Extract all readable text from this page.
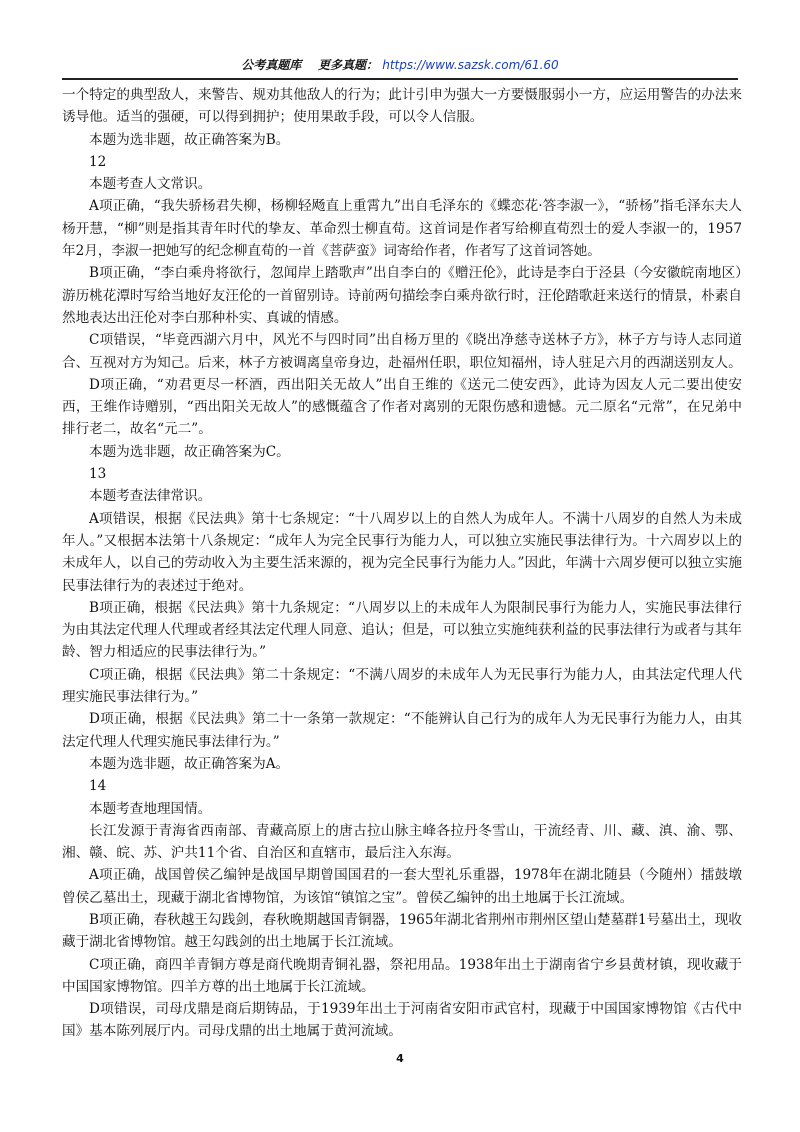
公考真题库 更多真题： https://www.sazsk.com/61.60

一个特定的典型敌人，来警告、规劝其他敌人的行为；此计引申为强大一方要慑服弱小一方，应运用警告的办法来诱导他。适当的强硬，可以得到拥护；使用果敢手段，可以令人信服。

本题为选非题，故正确答案为B。

12

本题考查人文常识。

A项正确，“我失骄杨君失柳，杨柳轻飏直上重霄九”出自毛泽东的《蝶恋花·答李淑一》，“骄杨”指毛泽东夫人杨开慧，“柳”则是指其青年时代的挚友、革命烈士柳直荀。这首词是作者写给柳直荀烈士的爱人李淑一的，1957年2月，李淑一把她写的纪念柳直荀的一首《菩萨蛮》词寄给作者，作者写了这首词答她。

B项正确，“李白乘舟将欲行，忽闻岸上踏歌声”出自李白的《赠汪伦》，此诗是李白于泾县（今安徽皖南地区）游历桃花潭时写给当地好友汪伦的一首留别诗。诗前两句描绘李白乘舟欲行时，汪伦踏歌赶来送行的情景，朴素自然地表达出汪伦对李白那种朴实、真诚的情感。

C项错误，“毕竟西湖六月中，风光不与四时同”出自杨万里的《晓出净慈寺送林子方》，林子方与诗人志同道合、互视对方为知己。后来，林子方被调离皇帝身边，赴福州任职，职位知福州，诗人驻足六月的西湖送别友人。

D项正确，“劝君更尽一杯酒，西出阳关无故人”出自王维的《送元二使安西》，此诗为因友人元二要出使安西，王维作诗赠别，“西出阳关无故人”的感慨蕴含了作者对离别的无限伤感和遗憾。元二原名“元常”，在兄弟中排行老二，故名“元二”。

本题为选非题，故正确答案为C。

13

本题考查法律常识。

A项错误，根据《民法典》第十七条规定：“十八周岁以上的自然人为成年人。不满十八周岁的自然人为未成年人。”又根据本法第十八条规定：“成年人为完全民事行为能力人，可以独立实施民事法律行为。十六周岁以上的未成年人，以自己的劳动收入为主要生活来源的，视为完全民事行为能力人。”因此，年满十六周岁便可以独立实施民事法律行为的表述过于绝对。

B项正确，根据《民法典》第十九条规定：“八周岁以上的未成年人为限制民事行为能力人，实施民事法律行为由其法定代理人代理或者经其法定代理人同意、追认；但是，可以独立实施纯获利益的民事法律行为或者与其年龄、智力相适应的民事法律行为。”

C项正确，根据《民法典》第二十条规定：“不满八周岁的未成年人为无民事行为能力人，由其法定代理人代理实施民事法律行为。”

D项正确，根据《民法典》第二十一条第一款规定：“不能辨认自己行为的成年人为无民事行为能力人，由其法定代理人代理实施民事法律行为。”

本题为选非题，故正确答案为A。

14

本题考查地理国情。

长江发源于青海省西南部、青藏高原上的唐古拉山脉主峰各拉丹冬雪山，干流经青、川、藏、滇、渝、鄂、湘、赣、皖、苏、沪共11个省、自治区和直辖市，最后注入东海。

A项正确，战国曾侯乙编钟是战国早期曾国国君的一套大型礼乐重器，1978年在湖北随县（今随州）擂鼓墩曾侯乙墓出土，现藏于湖北省博物馆，为该馆“镇馆之宝”。曾侯乙编钟的出土地属于长江流域。

B项正确，春秋越王勾践剑，春秋晚期越国青铜器，1965年湖北省荆州市荆州区望山楚墓群1号墓出土，现收藏于湖北省博物馆。越王勾践剑的出土地属于长江流域。

C项正确，商四羊青铜方尊是商代晚期青铜礼器，祭祀用品。1938年出土于湖南省宁乡县黄材镇，现收藏于中国国家博物馆。四羊方尊的出土地属于长江流域。

D项错误，司母戊鼎是商后期铸品，于1939年出土于河南省安阳市武官村，现藏于中国国家博物馆《古代中国》基本陈列展厅内。司母戊鼎的出土地属于黄河流域。

4
